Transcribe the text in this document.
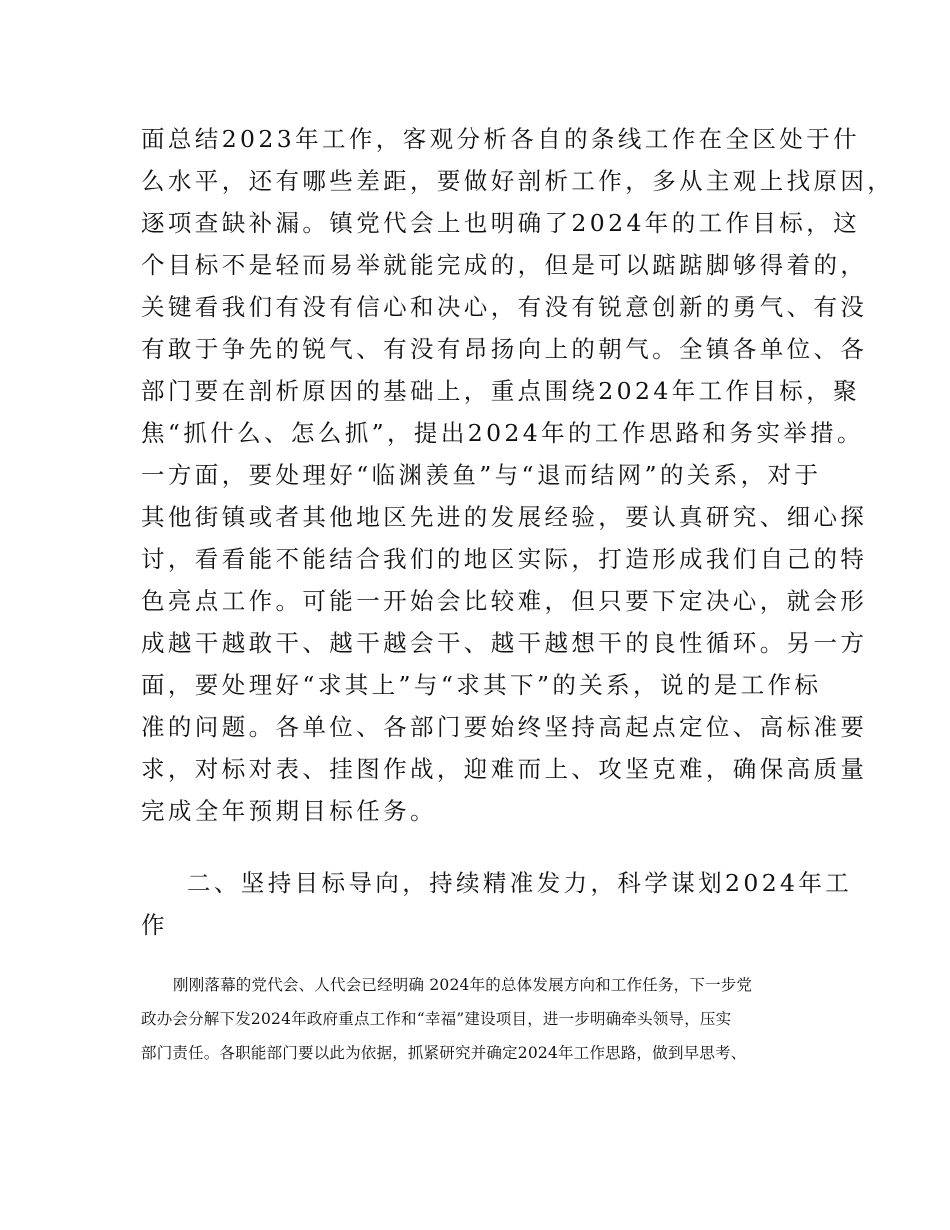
面总结2023年工作，客观分析各自的条线工作在全区处于什
么水平，还有哪些差距，要做好剖析工作，多从主观上找原因，
逐项查缺补漏。镇党代会上也明确了2024年的工作目标，这
个目标不是轻而易举就能完成的，但是可以踮踮脚够得着的，
关键看我们有没有信心和决心，有没有锐意创新的勇气、有没
有敢于争先的锐气、有没有昂扬向上的朝气。全镇各单位、各
部门要在剖析原因的基础上，重点围绕2024年工作目标，聚
焦“抓什么、怎么抓”，提出2024年的工作思路和务实举措。
一方面，要处理好“临渊羡鱼”与“退而结网”的关系，对于
其他街镇或者其他地区先进的发展经验，要认真研究、细心探
讨，看看能不能结合我们的地区实际，打造形成我们自己的特
色亮点工作。可能一开始会比较难，但只要下定决心，就会形
成越干越敢干、越干越会干、越干越想干的良性循环。另一方
面，要处理好“求其上”与“求其下”的关系，说的是工作标
准的问题。各单位、各部门要始终坚持高起点定位、高标准要
求，对标对表、挂图作战，迎难而上、攻坚克难，确保高质量
完成全年预期目标任务。
二、坚持目标导向，持续精准发力，科学谋划2024年工
作
刚刚落幕的党代会、人代会已经明确 2024年的总体发展方向和工作任务，下一步党
政办会分解下发2024年政府重点工作和“幸福”建设项目，进一步明确牵头领导，压实
部门责任。各职能部门要以此为依据，抓紧研究并确定2024年工作思路，做到早思考、
